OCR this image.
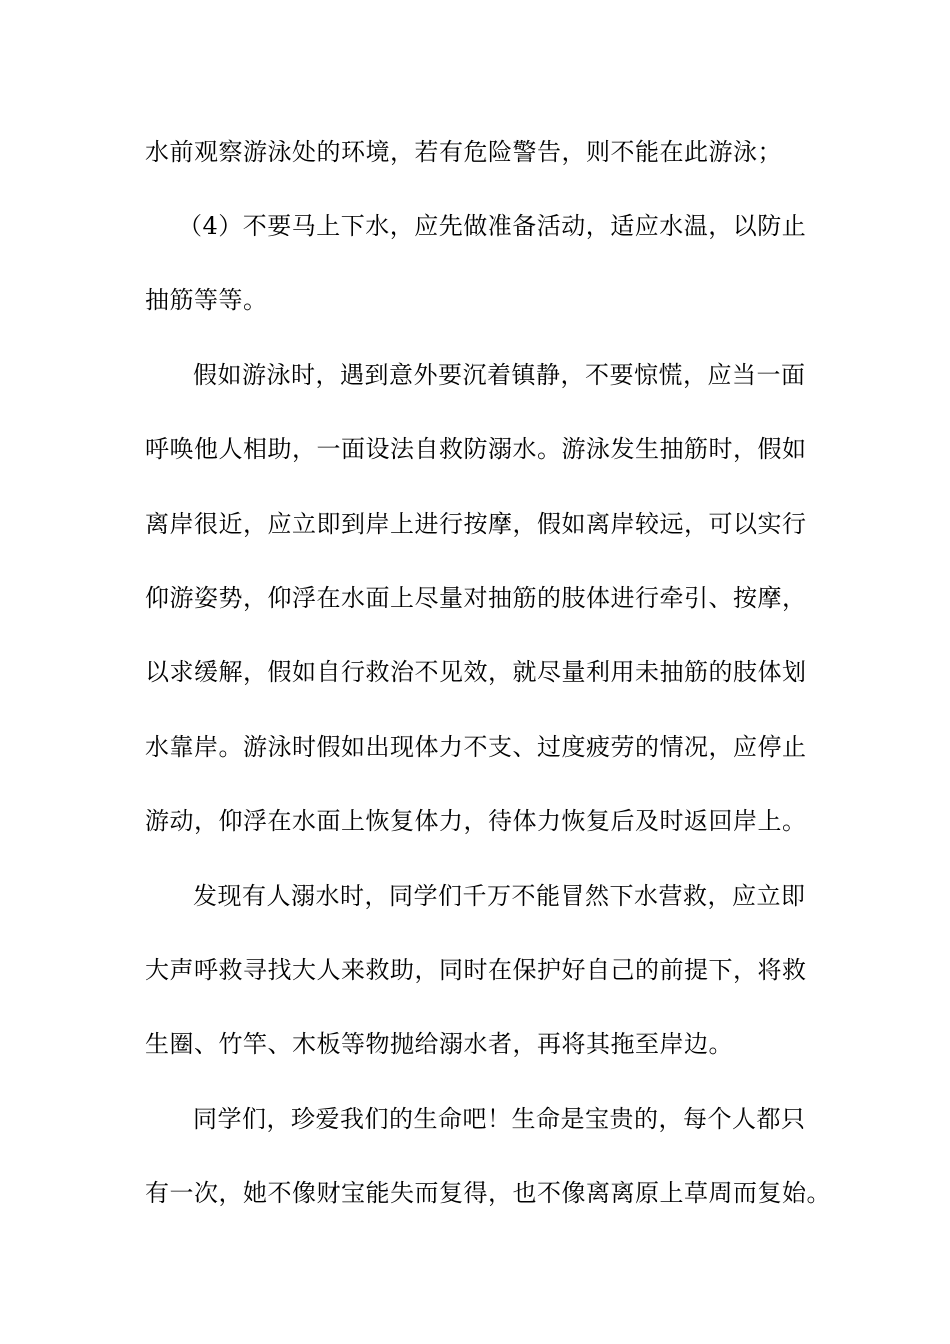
水前观察游泳处的环境，若有危险警告，则不能在此游泳；
（4）不要马上下水，应先做准备活动，适应水温，以防止
抽筋等等。
假如游泳时，遇到意外要沉着镇静，不要惊慌，应当一面
呼唤他人相助，一面设法自救防溺水。游泳发生抽筋时，假如
离岸很近，应立即到岸上进行按摩，假如离岸较远，可以实行
仰游姿势，仰浮在水面上尽量对抽筋的肢体进行牵引、按摩，
以求缓解，假如自行救治不见效，就尽量利用未抽筋的肢体划
水靠岸。游泳时假如出现体力不支、过度疲劳的情况，应停止
游动，仰浮在水面上恢复体力，待体力恢复后及时返回岸上。
发现有人溺水时，同学们千万不能冒然下水营救，应立即
大声呼救寻找大人来救助，同时在保护好自己的前提下，将救
生圈、竹竿、木板等物抛给溺水者，再将其拖至岸边。
同学们，珍爱我们的生命吧！生命是宝贵的，每个人都只
有一次，她不像财宝能失而复得，也不像离离原上草周而复始。
